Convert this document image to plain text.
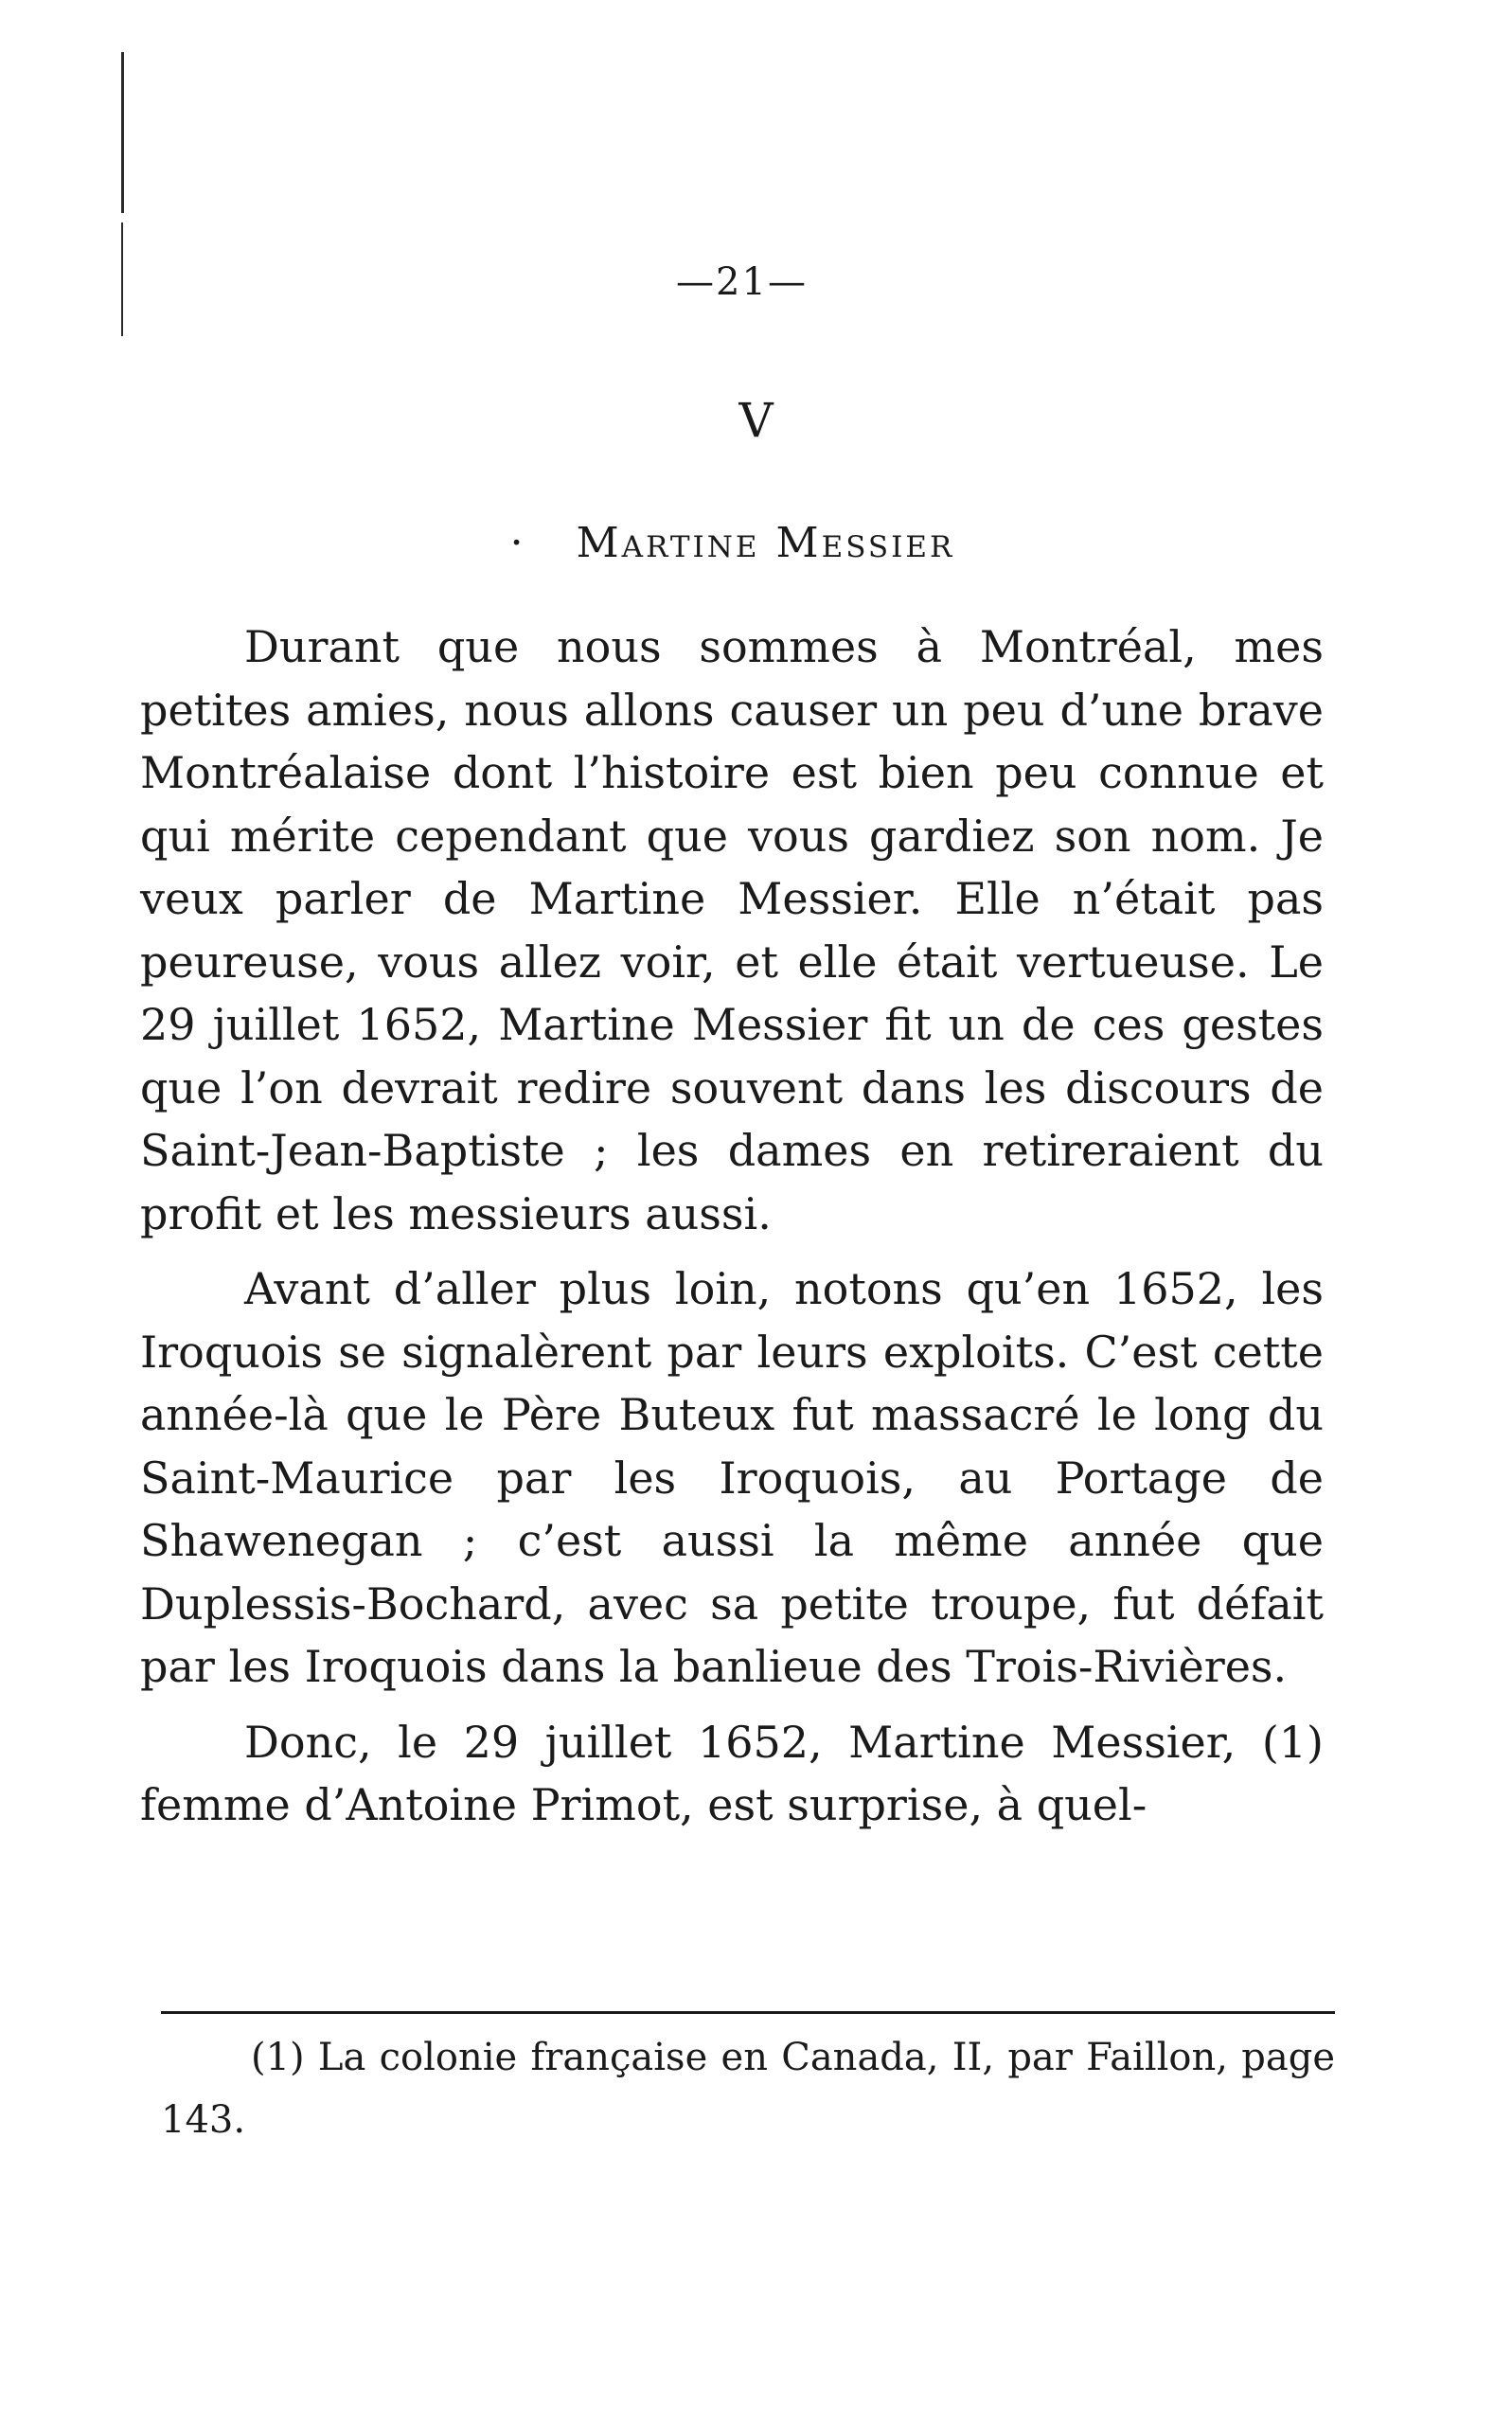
—21—
V
· Martine Messier

Durant que nous sommes à Montréal, mes petites amies, nous allons causer un peu d’une brave Montréalaise dont l’histoire est bien peu connue et qui mérite cependant que vous gardiez son nom. Je veux parler de Martine Messier. Elle n’était pas peureuse, vous allez voir, et elle était vertueuse. Le 29 juillet 1652, Martine Messier fit un de ces gestes que l’on devrait redire souvent dans les discours de Saint-Jean-Baptiste ; les dames en retireraient du profit et les messieurs aussi.

Avant d’aller plus loin, notons qu’en 1652, les Iroquois se signalèrent par leurs exploits. C’est cette année-là que le Père Buteux fut massacré le long du Saint-Maurice par les Iroquois, au Portage de Shawenegan ; c’est aussi la même année que Duplessis-Bochard, avec sa petite troupe, fut défait par les Iroquois dans la banlieue des Trois-Rivières.

Donc, le 29 juillet 1652, Martine Messier, (1) femme d’Antoine Primot, est surprise, à quel-

(1) La colonie française en Canada, II, par Faillon, page 143.
